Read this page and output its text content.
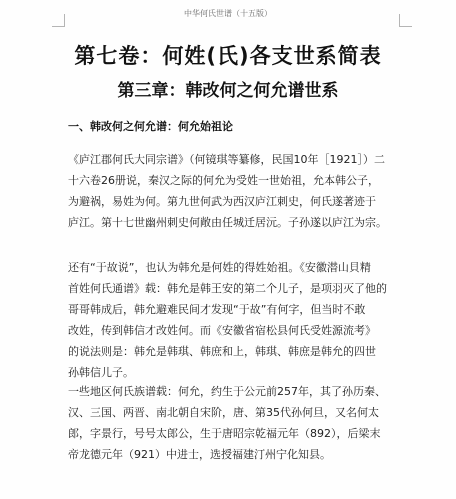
中华何氏世谱（十五版）
第七卷：何姓(氏)各支世系简表
第三章：韩改何之何允谱世系
一、韩改何之何允谱：何允始祖论
《庐江郡何氏大同宗谱》（何镜琪等纂修，民国10年［1921］）二
十六卷26册说，秦汉之际的何允为受姓一世始祖，允本韩公子，
为避祸，易姓为何。第九世何武为西汉庐江刺史，何氏遂著迹于
庐江。第十七世幽州刺史何敞由任城迁居沅。子孙遂以庐江为宗。
还有“于故说”，也认为韩允是何姓的得姓始祖。《安徽潜山貝精
首姓何氏通谱》载：韩允是韩王安的第二个儿子，是项羽灭了他的
哥哥韩成后，韩允避难民间才发现“于故”有何字，但当时不敢
改姓，传到韩信才改姓何。而《安徽省宿松县何氏受姓源流考》
的说法则是：韩允是韩琪、韩庶和上，韩琪、韩庶是韩允的四世
孙韩信儿子。
一些地区何氏族谱载：何允，约生于公元前257年，其了孙历秦、
汉、三国、两晋、南北朝自宋阶，唐、第35代孙何旦，又名何太
郎，字景行，号号太郎公，生于唐昭宗乾福元年（892），后梁末
帝龙德元年（921）中进士，选授福建汀州宁化知县。
